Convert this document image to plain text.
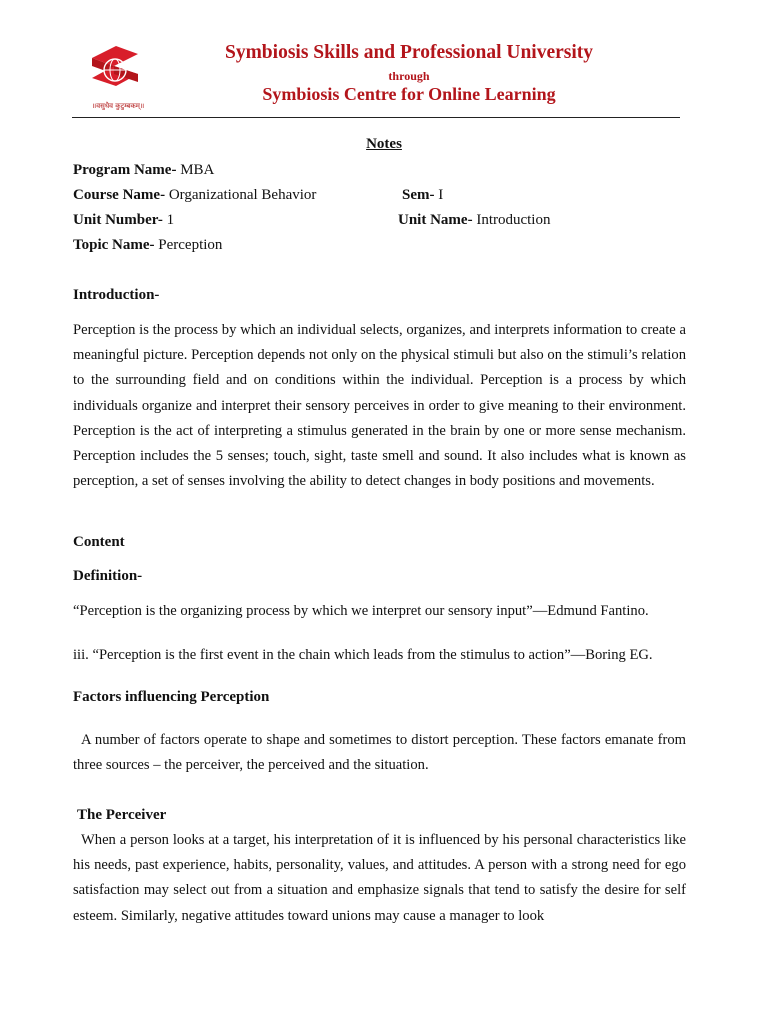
॥वसुधैव कुटुम्बकम्॥
Symbiosis Skills and Professional University
through
Symbiosis Centre for Online Learning
Notes
Program Name- MBA
Course Name- Organizational Behavior	Sem- I
Unit Number- 1	Unit Name- Introduction
Topic Name- Perception
Introduction-
Perception is the process by which an individual selects, organizes, and interprets information to create a meaningful picture. Perception depends not only on the physical stimuli but also on the stimuli’s relation to the surrounding field and on conditions within the individual. Perception is a process by which individuals organize and interpret their sensory perceives in order to give meaning to their environment. Perception is the act of interpreting a stimulus generated in the brain by one or more sense mechanism. Perception includes the 5 senses; touch, sight, taste smell and sound. It also includes what is known as perception, a set of senses involving the ability to detect changes in body positions and movements.
Content
Definition-
“Perception is the organizing process by which we interpret our sensory input”—Edmund Fantino.
iii. “Perception is the first event in the chain which leads from the stimulus to action”—Boring EG.
Factors influencing Perception
A number of factors operate to shape and sometimes to distort perception. These factors emanate from three sources – the perceiver, the perceived and the situation.
The Perceiver
When a person looks at a target, his interpretation of it is influenced by his personal characteristics like his needs, past experience, habits, personality, values, and attitudes. A person with a strong need for ego satisfaction may select out from a situation and emphasize signals that tend to satisfy the desire for self esteem. Similarly, negative attitudes toward unions may cause a manager to look
